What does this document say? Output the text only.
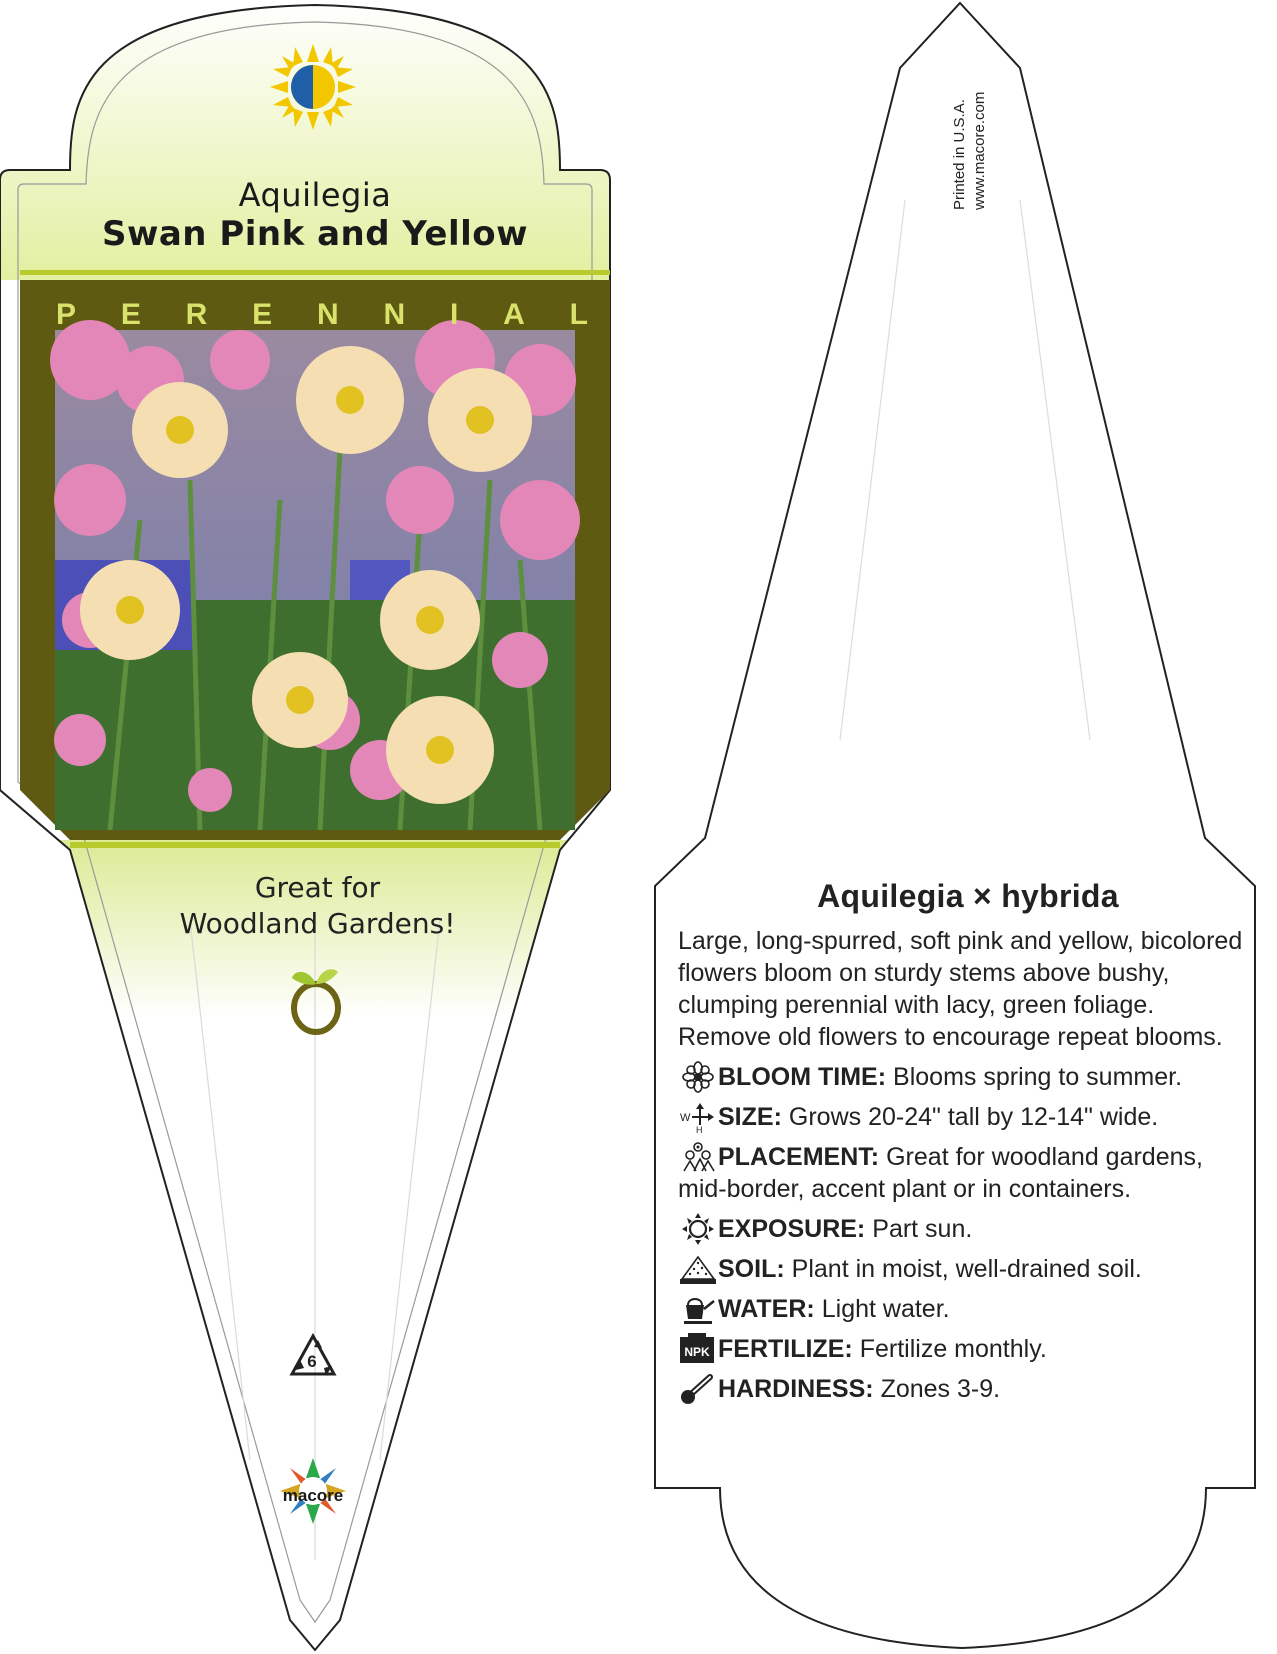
Aquilegia
Swan Pink and Yellow
P E R E N N I A L
Great for
Woodland Gardens!
6
macore
Printed in U.S.A. www.macore.com
Aquilegia × hybrida
Large, long-spurred, soft pink and yellow, bicolored flowers bloom on sturdy stems above bushy, clumping perennial with lacy, green foliage. Remove old flowers to encourage repeat blooms.
BLOOM TIME: Blooms spring to summer.
W
H SIZE: Grows 20-24" tall by 12-14" wide.
PLACEMENT: Great for woodland gardens,
mid-border, accent plant or in containers.
EXPOSURE: Part sun.
SOIL: Plant in moist, well-drained soil.
WATER: Light water.
NPK FERTILIZE: Fertilize monthly.
HARDINESS: Zones 3-9.
